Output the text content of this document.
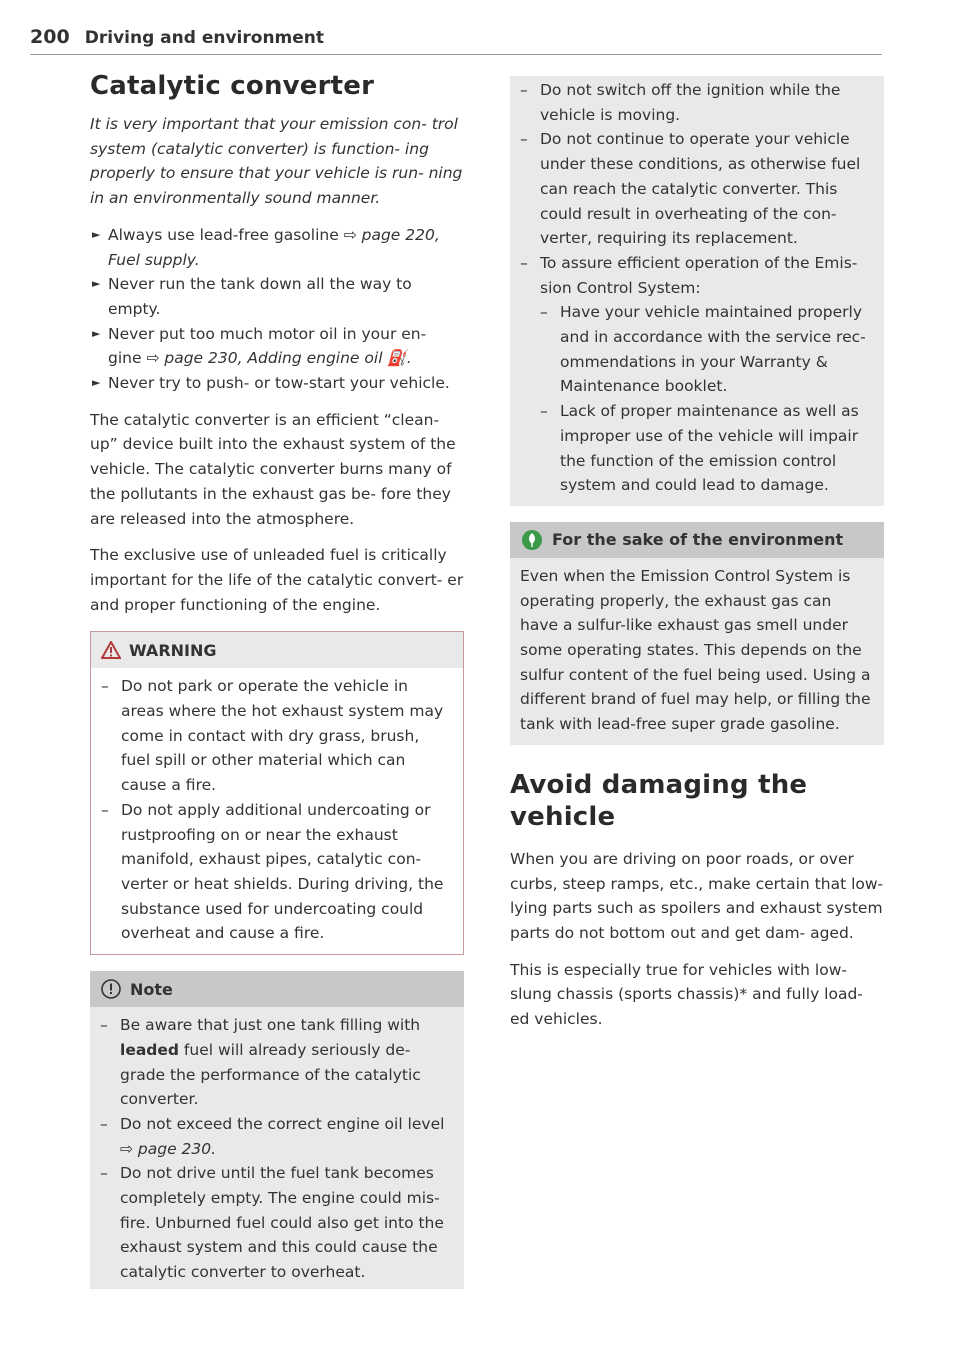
200 Driving and environment
Catalytic converter
It is very important that your emission con- trol system (catalytic converter) is function- ing properly to ensure that your vehicle is run- ning in an environmentally sound manner.
► Always use lead-free gasoline ⇨ page 220, Fuel supply.
► Never run the tank down all the way to empty.
► Never put too much motor oil in your en- gine ⇨ page 230, Adding engine oil ⛽.
► Never try to push- or tow-start your vehicle.

The catalytic converter is an efficient “clean- up” device built into the exhaust system of the vehicle. The catalytic converter burns many of the pollutants in the exhaust gas be- fore they are released into the atmosphere.

The exclusive use of unleaded fuel is critically important for the life of the catalytic convert- er and proper functioning of the engine.

WARNING
– Do not park or operate the vehicle in areas where the hot exhaust system may come in contact with dry grass, brush, fuel spill or other material which can cause a fire.
– Do not apply additional undercoating or rustproofing on or near the exhaust manifold, exhaust pipes, catalytic con- verter or heat shields. During driving, the substance used for undercoating could overheat and cause a fire.
Note
– Be aware that just one tank filling with leaded fuel will already seriously de- grade the performance of the catalytic converter.
– Do not exceed the correct engine oil level ⇨ page 230.
– Do not drive until the fuel tank becomes completely empty. The engine could mis- fire. Unburned fuel could also get into the exhaust system and this could cause the catalytic converter to overheat.
– Do not switch off the ignition while the vehicle is moving.
– Do not continue to operate your vehicle under these conditions, as otherwise fuel can reach the catalytic converter. This could result in overheating of the con- verter, requiring its replacement.
– To assure efficient operation of the Emis- sion Control System:
– Have your vehicle maintained properly and in accordance with the service rec- ommendations in your Warranty & Maintenance booklet.
– Lack of proper maintenance as well as improper use of the vehicle will impair the function of the emission control system and could lead to damage.
For the sake of the environment

Even when the Emission Control System is operating properly, the exhaust gas can have a sulfur-like exhaust gas smell under some operating states. This depends on the sulfur content of the fuel being used. Using a different brand of fuel may help, or filling the tank with lead-free super grade gasoline.

Avoid damaging the
vehicle

When you are driving on poor roads, or over curbs, steep ramps, etc., make certain that low-lying parts such as spoilers and exhaust system parts do not bottom out and get dam- aged.

This is especially true for vehicles with low- slung chassis (sports chassis)* and fully load- ed vehicles.
